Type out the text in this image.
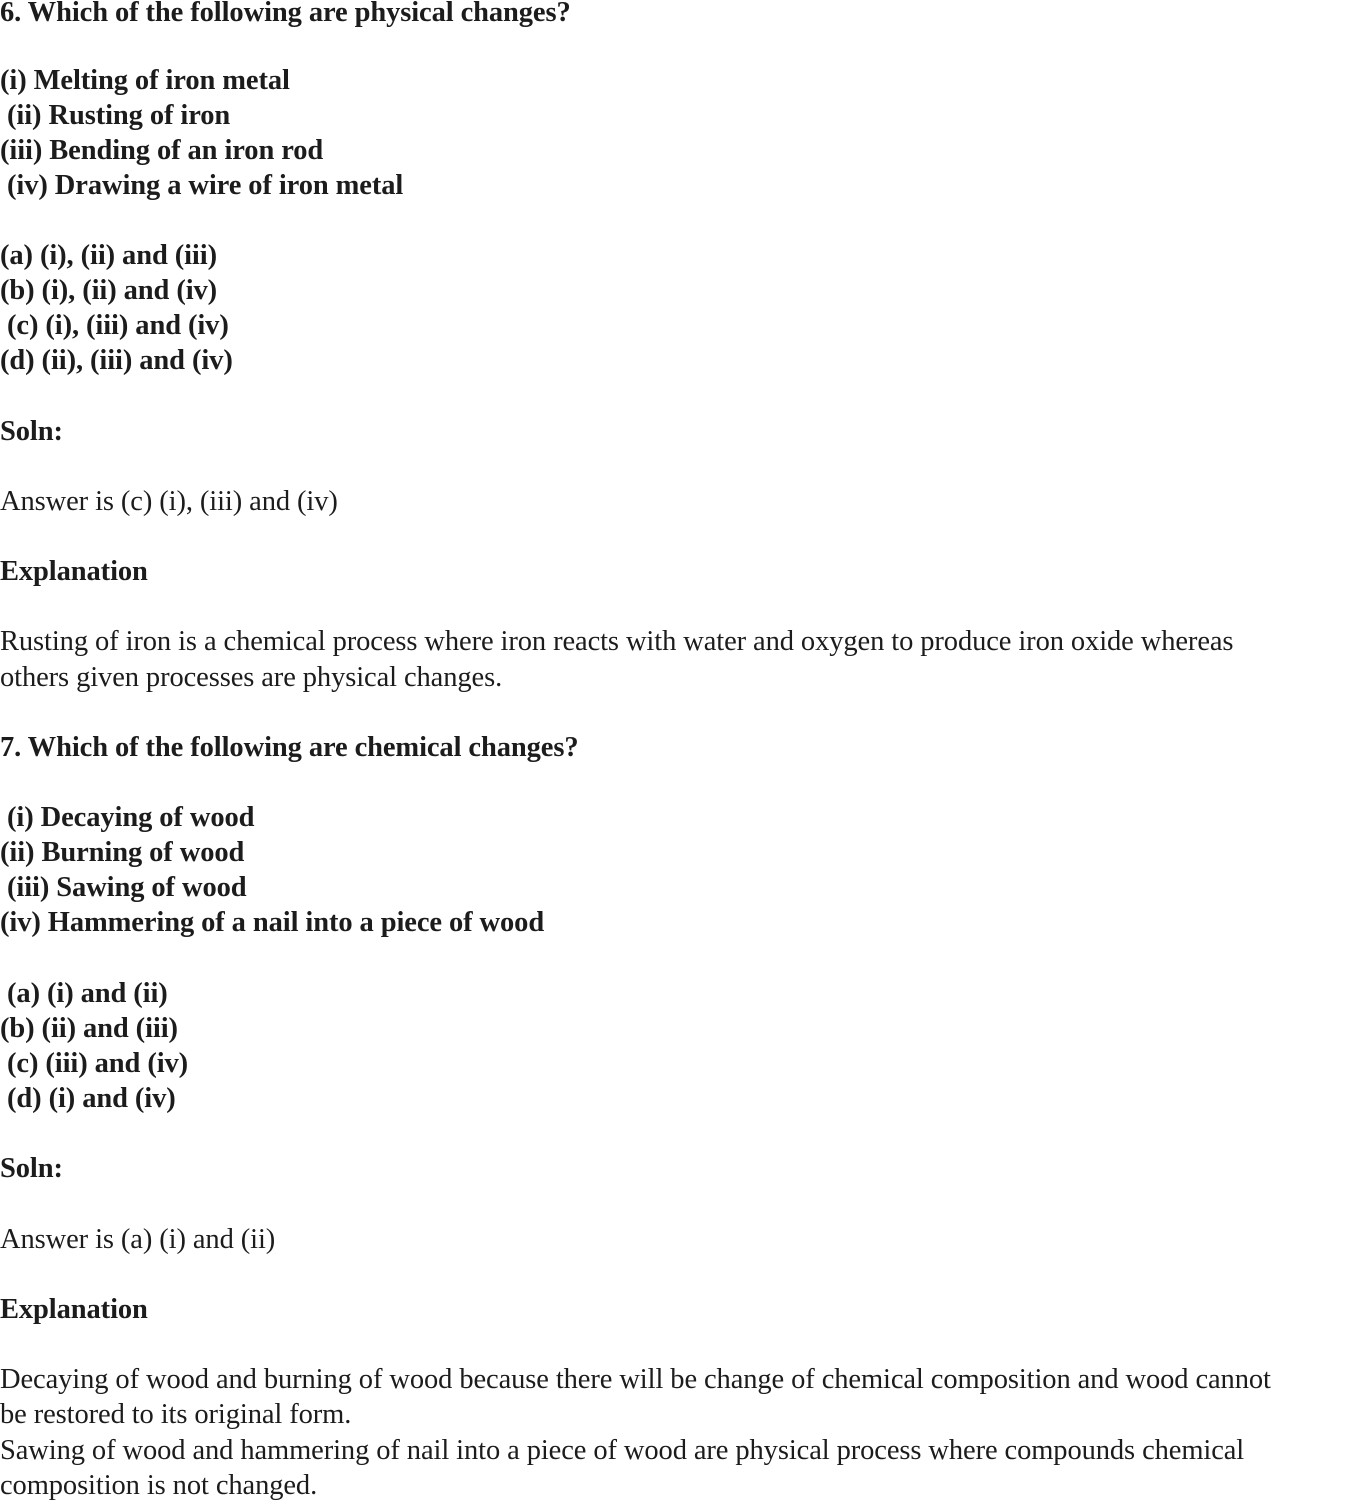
6. Which of the following are physical changes?
(i) Melting of iron metal
(ii) Rusting of iron
(iii) Bending of an iron rod
(iv) Drawing a wire of iron metal
(a) (i), (ii) and (iii)
(b) (i), (ii) and (iv)
(c) (i), (iii) and (iv)
(d) (ii), (iii) and (iv)
Soln:
Answer is (c) (i), (iii) and (iv)
Explanation
Rusting of iron is a chemical process where iron reacts with water and oxygen to produce iron oxide whereas
others given processes are physical changes.
7. Which of the following are chemical changes?
(i) Decaying of wood
(ii) Burning of wood
(iii) Sawing of wood
(iv) Hammering of a nail into a piece of wood
(a) (i) and (ii)
(b) (ii) and (iii)
(c) (iii) and (iv)
(d) (i) and (iv)
Soln:
Answer is (a) (i) and (ii)
Explanation
Decaying of wood and burning of wood because there will be change of chemical composition and wood cannot
be restored to its original form.
Sawing of wood and hammering of nail into a piece of wood are physical process where compounds chemical
composition is not changed.
